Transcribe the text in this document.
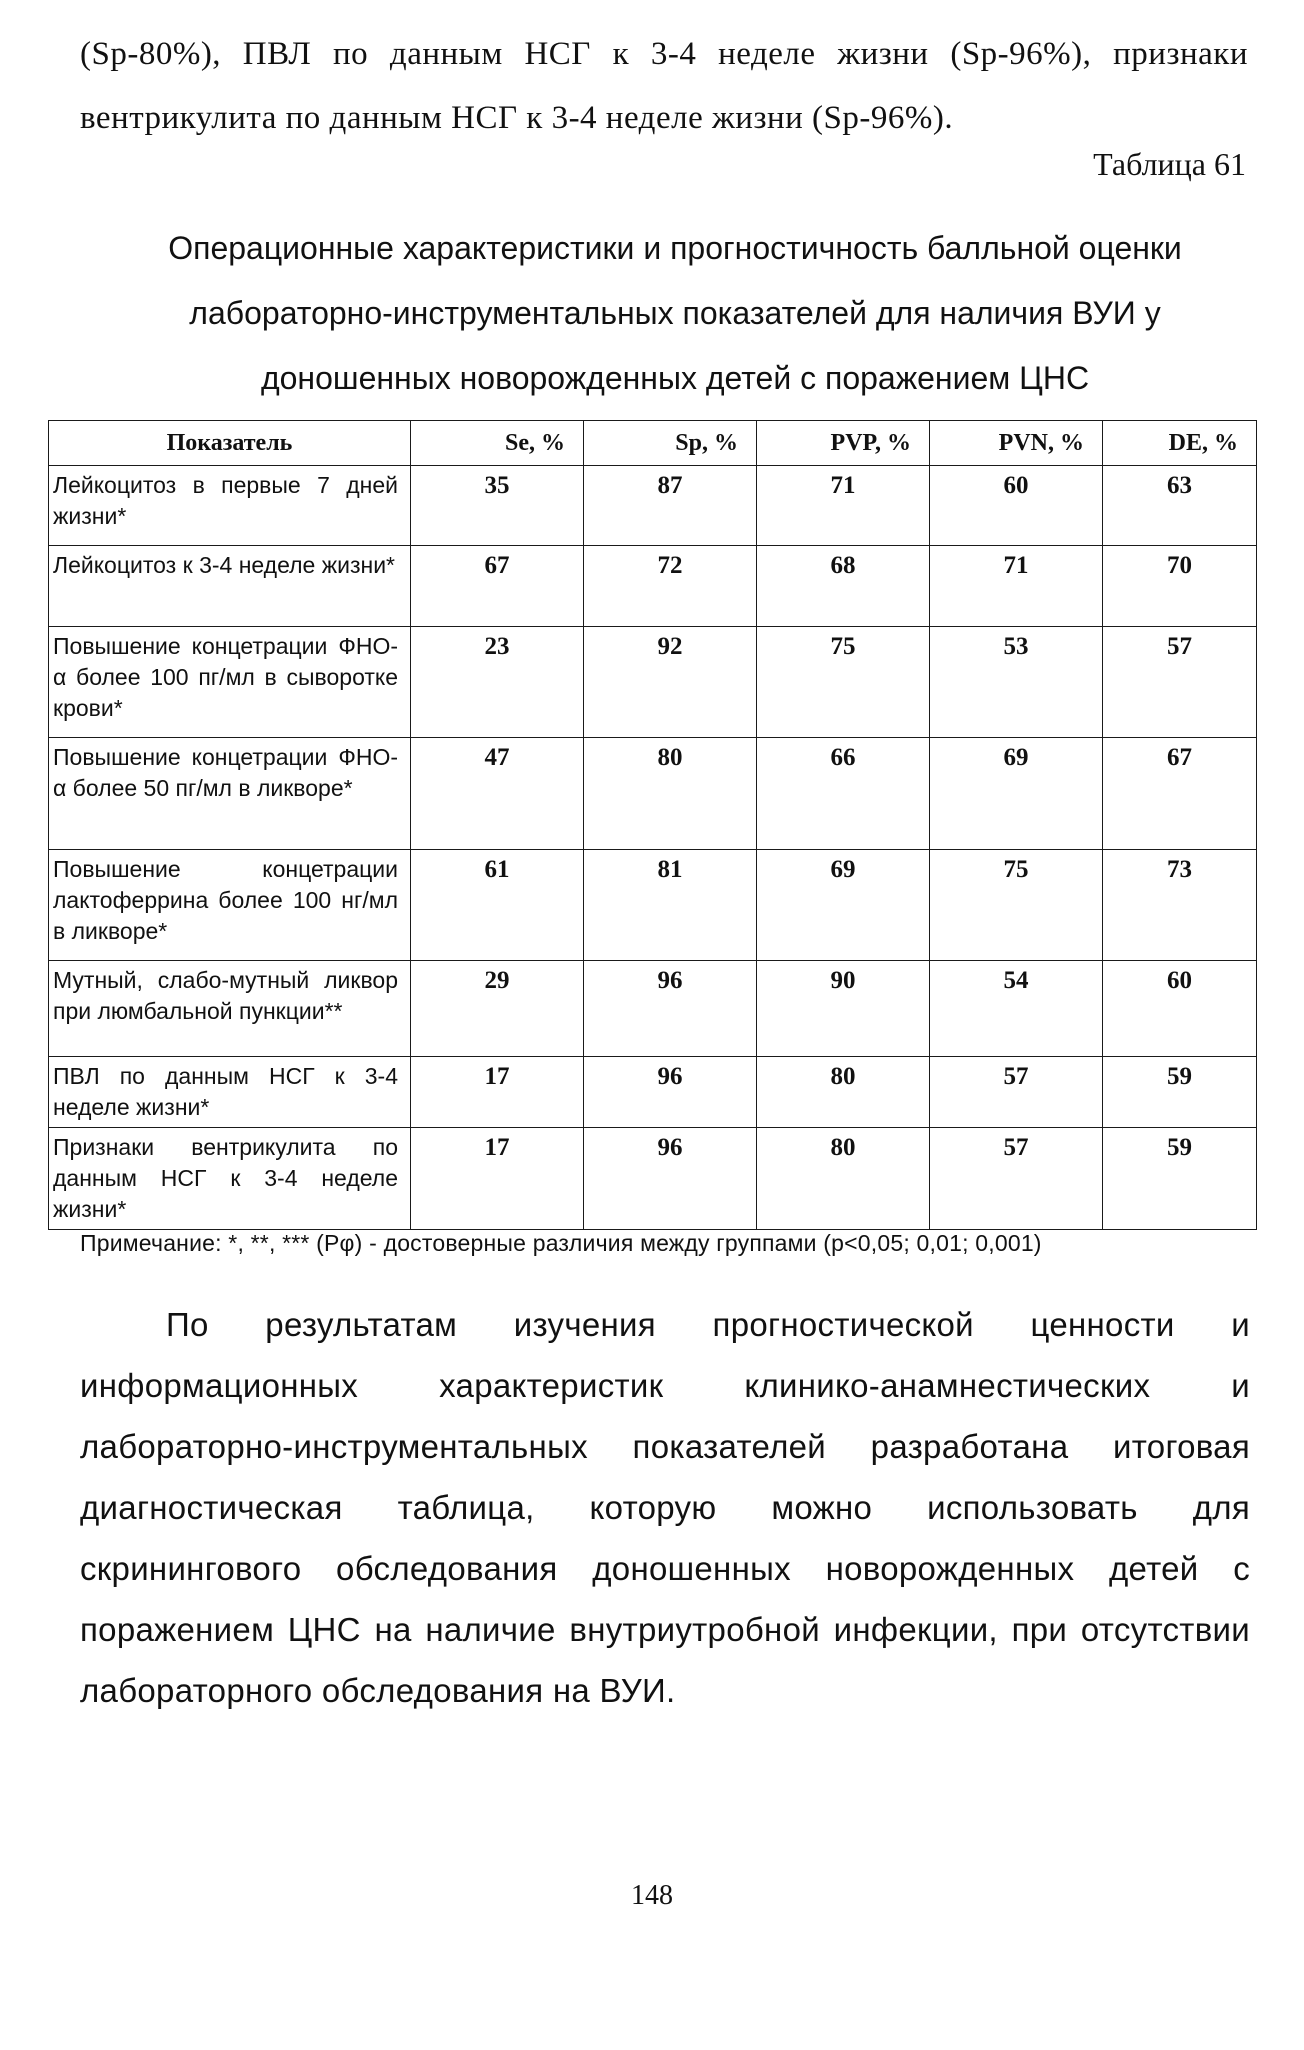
(Sp-80%), ПВЛ по данным НСГ к 3-4 неделе жизни (Sp-96%), признаки вентрикулита по данным НСГ к 3-4 неделе жизни (Sp-96%).

Таблица 61
Операционные характеристики и прогностичность балльной оценки лабораторно-инструментальных показателей для наличия ВУИ у доношенных новорожденных детей с поражением ЦНС
Показатель	Se, %	Sp, %	PVP, %	PVN, %	DE, %
Лейкоцитоз в первые 7 дней жизни*	35	87	71	60	63
Лейкоцитоз к 3-4 неделе жизни*	67	72	68	71	70
Повышение концетрации ФНО-α более 100 пг/мл в сыворотке крови*	23	92	75	53	57
Повышение концетрации ФНО-α более 50 пг/мл в ликворе*	47	80	66	69	67
Повышение концетрации лактоферрина более 100 нг/мл в ликворе*	61	81	69	75	73
Мутный, слабо-мутный ликвор при люмбальной пункции**	29	96	90	54	60
ПВЛ по данным НСГ к 3-4 неделе жизни*	17	96	80	57	59
Признаки вентрикулита по данным НСГ к 3-4 неделе жизни*	17	96	80	57	59
Примечание: *, **, *** (Рφ) - достоверные различия между группами (p<0,05; 0,01; 0,001)

По результатам изучения прогностической ценности и информационных характеристик клинико-анамнестических и лабораторно-инструментальных показателей разработана итоговая диагностическая таблица, которую можно использовать для скринингового обследования доношенных новорожденных детей с поражением ЦНС на наличие внутриутробной инфекции, при отсутствии лабораторного обследования на ВУИ.

148
